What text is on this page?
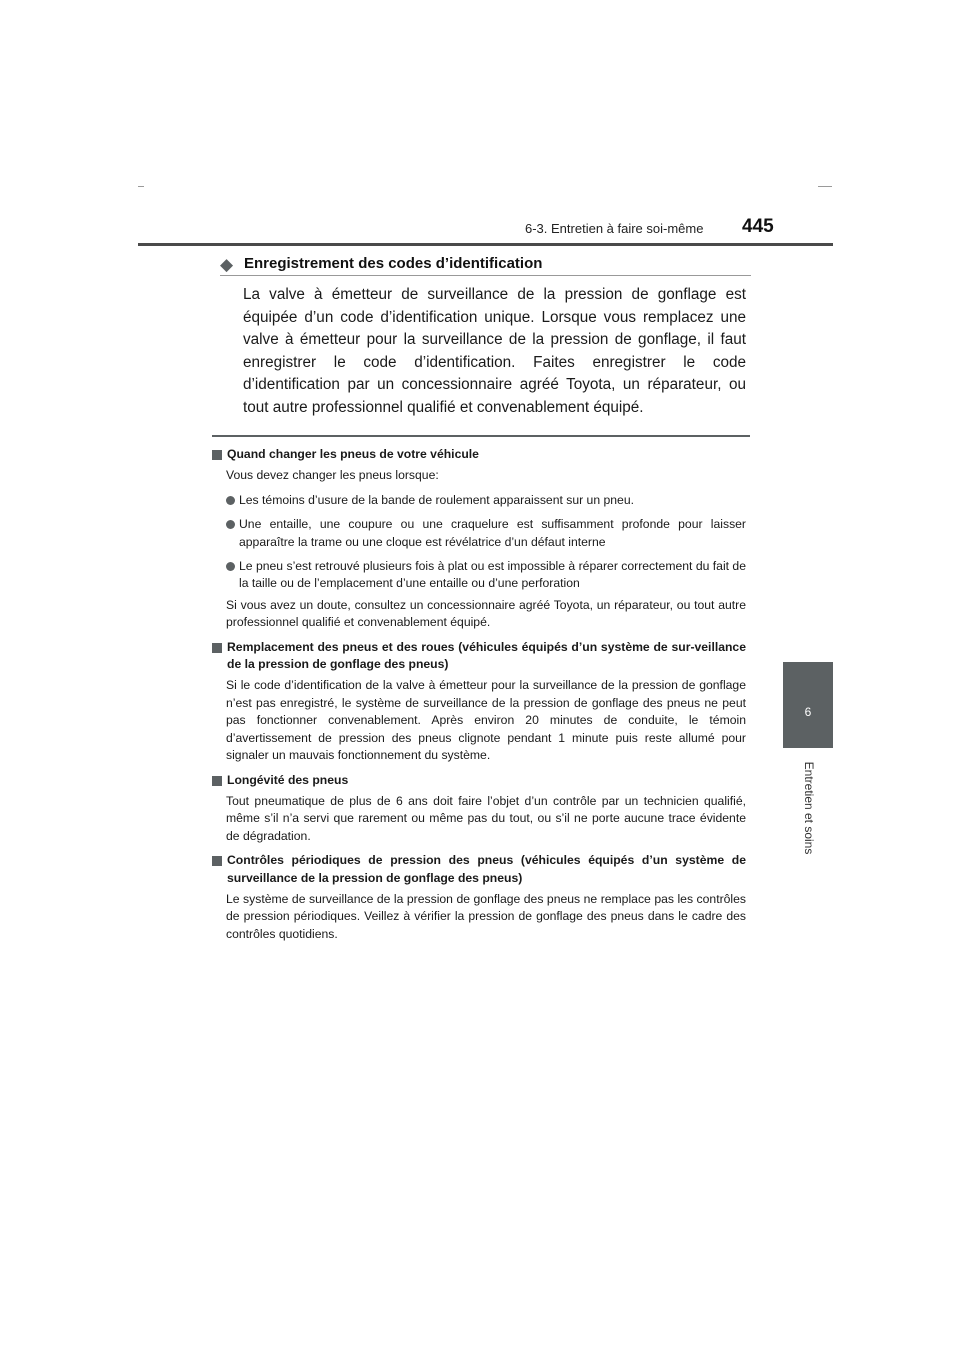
6-3. Entretien à faire soi-même 445
6
Entretien et soins
◆ Enregistrement des codes d’identification

La valve à émetteur de surveillance de la pression de gonflage est équipée d’un code d’identification unique. Lorsque vous remplacez une valve à émetteur pour la surveillance de la pression de gonflage, il faut enregistrer le code d’identification. Faites enregistrer le code d’identification par un concessionnaire agréé Toyota, un réparateur, ou tout autre professionnel qualifié et convenablement équipé.

Quand changer les pneus de votre véhicule
Vous devez changer les pneus lorsque:
Les témoins d’usure de la bande de roulement apparaissent sur un pneu.
Une entaille, une coupure ou une craquelure est suffisamment profonde pour laisser apparaître la trame ou une cloque est révélatrice d’un défaut interne
Le pneu s’est retrouvé plusieurs fois à plat ou est impossible à réparer correctement du fait de la taille ou de l’emplacement d’une entaille ou d’une perforation
Si vous avez un doute, consultez un concessionnaire agréé Toyota, un réparateur, ou tout autre professionnel qualifié et convenablement équipé.
Remplacement des pneus et des roues (véhicules équipés d’un système de sur-veillance de la pression de gonflage des pneus)
Si le code d’identification de la valve à émetteur pour la surveillance de la pression de gonflage n’est pas enregistré, le système de surveillance de la pression de gonflage des pneus ne peut pas fonctionner convenablement. Après environ 20 minutes de conduite, le témoin d’avertissement de pression des pneus clignote pendant 1 minute puis reste allumé pour signaler un mauvais fonctionnement du système.
Longévité des pneus
Tout pneumatique de plus de 6 ans doit faire l’objet d’un contrôle par un technicien qualifié, même s’il n’a servi que rarement ou même pas du tout, ou s’il ne porte aucune trace évidente de dégradation.
Contrôles périodiques de pression des pneus (véhicules équipés d’un système de surveillance de la pression de gonflage des pneus)
Le système de surveillance de la pression de gonflage des pneus ne remplace pas les contrôles de pression périodiques. Veillez à vérifier la pression de gonflage des pneus dans le cadre des contrôles quotidiens.
